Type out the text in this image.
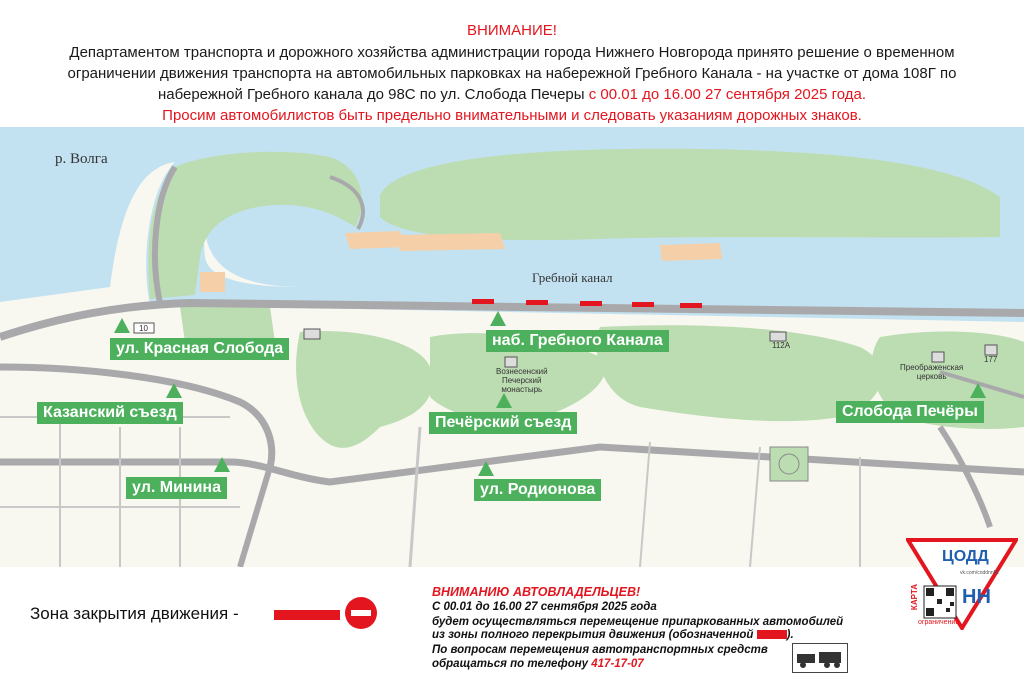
ВНИМАНИЕ!
Департаментом транспорта и дорожного хозяйства администрации города Нижнего Новгорода принято решение о временном
ограничении движения транспорта на автомобильных парковках на набережной Гребного Канала - на участке от дома 108Г по
набережной Гребного канала до 98С по ул. Слобода Печеры с 00.01 до 16.00 27 сентября 2025 года.
Просим автомобилистов быть предельно внимательными и следовать указаниям дорожных знаков.
р. Волга
Гребной канал
Вознесенский
Печерский
монастырь
Преображенская
церковь
10
112А
177
ул. Красная Слобода
Казанский съезд
ул. Минина
наб. Гребного Канала
Печёрский съезд
ул. Родионова
Слобода Печёры
Зона закрытия движения -
ВНИМАНИЮ АВТОВЛАДЕЛЬЦЕВ!
С 00.01 до 16.00 27 сентября 2025 года
будет осуществляться перемещение припаркованных автомобилей
из зоны полного перекрытия движения (обозначенной	).
По вопросам перемещения автотранспортных средств
обращаться по телефону 417-17-07
ЦОДД
vk.com/coddnn52
КАРТА НН
ограничений
